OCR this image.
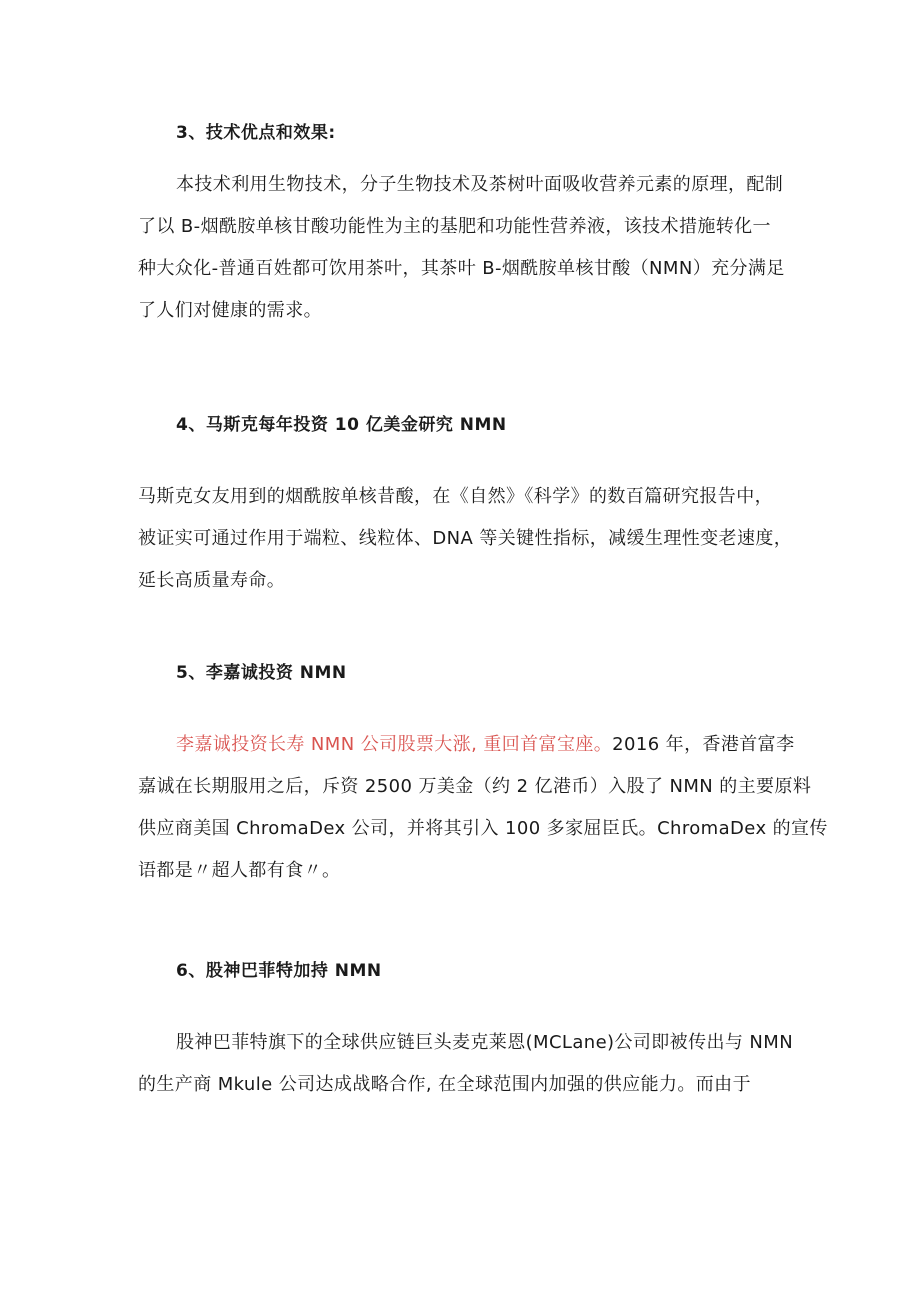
3、技术优点和效果:
本技术利用生物技术，分子生物技术及茶树叶面吸收营养元素的原理，配制
了以 B-烟酰胺单核甘酸功能性为主的基肥和功能性营养液，该技术措施转化一
种大众化-普通百姓都可饮用茶叶，其茶叶 B-烟酰胺单核甘酸（NMN）充分满足
了人们对健康的需求。
4、马斯克每年投资 10 亿美金研究 NMN
马斯克女友用到的烟酰胺单核昔酸，在《自然》《科学》的数百篇研究报告中，
被证实可通过作用于端粒、线粒体、DNA 等关键性指标，减缓生理性变老速度，
延长高质量寿命。
5、李嘉诚投资 NMN
李嘉诚投资长寿 NMN 公司股票大涨, 重回首富宝座。2016 年，香港首富李
嘉诚在长期服用之后，斥资 2500 万美金（约 2 亿港币）入股了 NMN 的主要原料
供应商美国 ChromaDex 公司，并将其引入 100 多家屈臣氏。ChromaDex 的宣传
语都是〃超人都有食〃。
6、股神巴菲特加持 NMN
股神巴菲特旗下的全球供应链巨头麦克莱恩(MCLane)公司即被传出与 NMN
的生产商 Mkule 公司达成战略合作, 在全球范围内加强的供应能力。而由于
